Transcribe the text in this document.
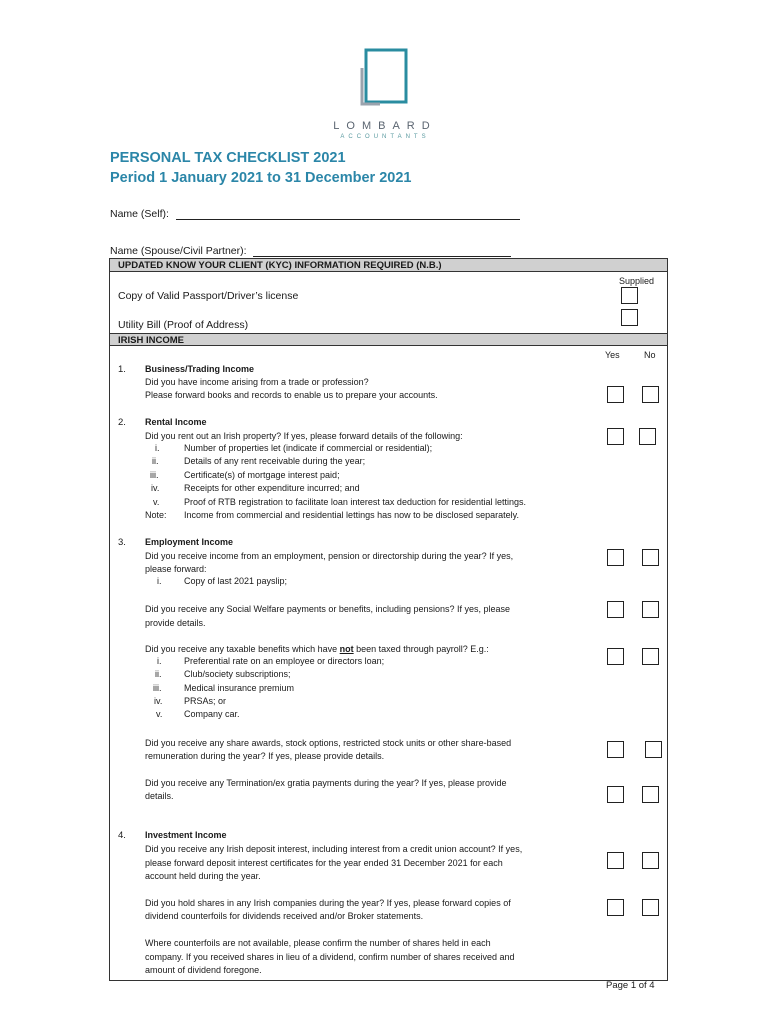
LOMBARD
ACCOUNTANTS
PERSONAL TAX CHECKLIST 2021
Period 1 January 2021 to 31 December 2021
Name (Self):
Name (Spouse/Civil Partner):
UPDATED KNOW YOUR CLIENT (KYC) INFORMATION REQUIRED (N.B.)
Supplied
Copy of Valid Passport/Driver’s license
Utility Bill (Proof of Address)
IRISH INCOME
Yes	No
1. Business/Trading Income
Did you have income arising from a trade or profession?
Please forward books and records to enable us to prepare your accounts.
2. Rental Income
Did you rent out an Irish property? If yes, please forward details of the following:
i.	Number of properties let (indicate if commercial or residential);
ii.	Details of any rent receivable during the year;
iii.	Certificate(s) of mortgage interest paid;
iv.	Receipts for other expenditure incurred; and
v.	Proof of RTB registration to facilitate loan interest tax deduction for residential lettings.
Note: Income from commercial and residential lettings has now to be disclosed separately.
3. Employment Income
Did you receive income from an employment, pension or directorship during the year? If yes,
please forward:
i.	Copy of last 2021 payslip;
Did you receive any Social Welfare payments or benefits, including pensions? If yes, please
provide details.
Did you receive any taxable benefits which have not been taxed through payroll? E.g.:
i.	Preferential rate on an employee or directors loan;
ii.	Club/society subscriptions;
iii.	Medical insurance premium
iv. PRSAs; or
v. Company car.
Did you receive any share awards, stock options, restricted stock units or other share-based
remuneration during the year? If yes, please provide details.
Did you receive any Termination/ex gratia payments during the year? If yes, please provide
details.
4. Investment Income
Did you receive any Irish deposit interest, including interest from a credit union account? If yes,
please forward deposit interest certificates for the year ended 31 December 2021 for each
account held during the year.
Did you hold shares in any Irish companies during the year? If yes, please forward copies of
dividend counterfoils for dividends received and/or Broker statements.
Where counterfoils are not available, please confirm the number of shares held in each
company. If you received shares in lieu of a dividend, confirm number of shares received and
amount of dividend foregone.
Page 1 of 4
